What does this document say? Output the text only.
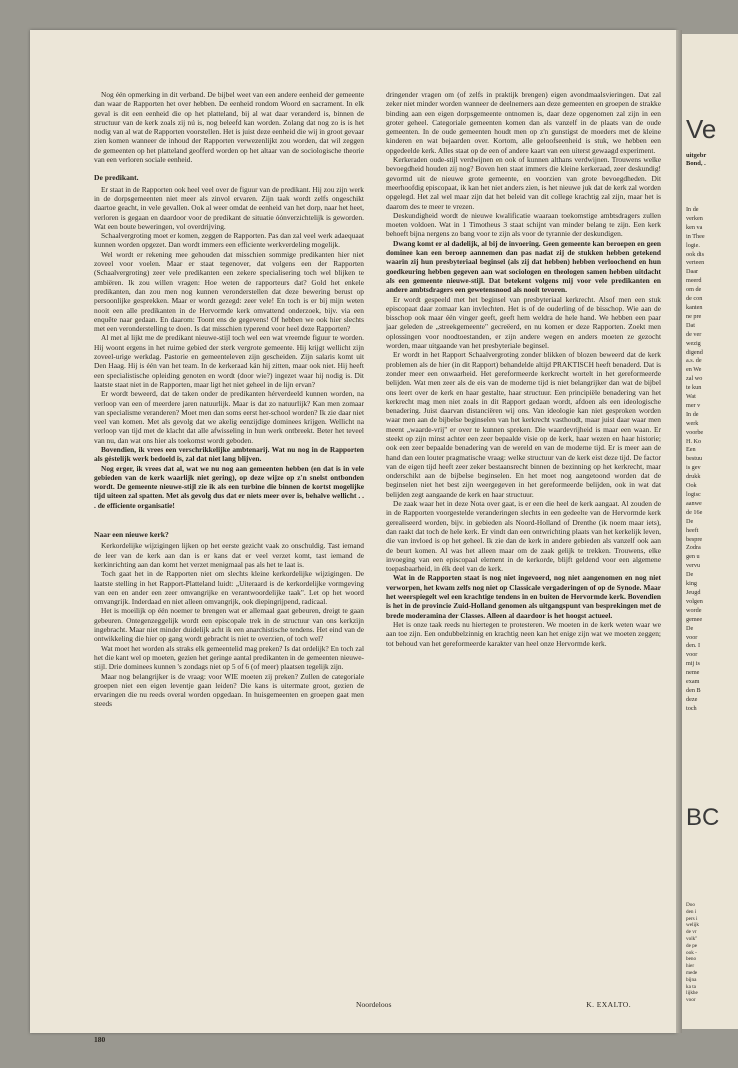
Nog één opmerking in dit verband. De bijbel weet van een andere eenheid der gemeente dan waar de Rapporten het over hebben. De eenheid rondom Woord en sacrament. In elk geval is dit een eenheid die op het platteland, bij al wat daar veranderd is, binnen de structuur van de kerk zoals zij nú is, nog beleefd kan worden. Zolang dat nog zo is is het nodig van al wat de Rapporten voorstellen. Het is juist deze eenheid die wij in groot gevaar zien komen wanneer de inhoud der Rapporten verwezenlijkt zou worden, dat wil zeggen de gemeenten op het platteland geofferd worden op het altaar van de sociologische theorie van een verloren sociale eenheid.

De predikant.

Er staat in de Rapporten ook heel veel over de figuur van de predikant. Hij zou zijn werk in de dorpsgemeenten niet meer als zinvol ervaren. Zijn taak wordt zelfs ongeschikt daartoe geacht, in vele gevallen. Ook al weer omdat de eenheid van het dorp, naar het heet, verloren is gegaan en daardoor voor de predikant de situatie óónverzichtelijk is geworden. Wat een boute beweringen, vol overdrijving.

Schaalvergroting moet er komen, zeggen de Rapporten. Pas dan zal veel werk adaequaat kunnen worden opgezet. Dan wordt immers een efficiente werkverdeling mogelijk.

Wel wordt er rekening mee gehouden dat misschien sommige predikanten hier niet zoveel voor voelen. Maar er staat tegenover, dat volgens een der Rapporten (Schaalvergroting) zeer vele predikanten een zekere specialisering toch wel blijken te ambiëren. Ik zou willen vragen: Hoe weten de rapporteurs dat? Gold het enkele predikanten, dan zou men nog kunnen veronderstellen dat deze bewering berust op persoonlijke gesprekken. Maar er wordt gezegd: zeer vele! En toch is er bij mijn weten nooit een alle predikanten in de Hervormde kerk omvattend onderzoek, bijv. via een enquête naar gedaan. En daarom: Toont ens de gegevens! Of hebben we ook hier slechts met een veronderstelling te doen. Is dat misschien typerend voor heel deze Rapporten?

Al met al lijkt me de predikant nieuwe-stijl toch wel een wat vreemde figuur te worden. Hij woont ergens in het ruime gebied der sterk vergrote gemeente. Hij krijgt wellicht zijn zoveel-urige werkdag. Pastorie en gemeenteleven zijn gescheiden. Zijn salaris komt uit Den Haag. Hij is één van het team. In de kerkeraad kán hij zitten, maar ook niet. Hij heeft een specialistische opleiding genoten en wordt (door wie?) ingezet waar hij nodig is. Dit laatste staat niet in de Rapporten, maar ligt het niet geheel in de lijn ervan?

Er wordt beweerd, dat de taken onder de predikanten hérverdeeld kunnen worden, na verloop van een of meerdere jaren natuurlijk. Maar is dat zo natuurlijk? Kan men zomaar van specialisme veranderen? Moet men dan soms eerst her-school worden? Ik zie daar niet veel van komen. Met als gevolg dat we akelig eenzijdige dominees krijgen. Wellicht na verloop van tijd met de klacht dat alle afwisseling in hun werk ontbreekt. Beter het teveel van nu, dan wat ons hier als toekomst wordt geboden.

Bovendien, ik vrees een verschrikkelijke ambtenarij. Wat nu nog in de Rapporten als géstelijk werk bedoeld is, zal dat niet lang blijven.

Nog erger, ik vrees dat al, wat we nu nog aan gemeenten hebben (en dat is in vele gebieden van de kerk waarlijk niet gering), op deze wijze op z'n snelst ontbonden wordt. De gemeente nieuwe-stijl zie ik als een turbine die binnen de kortst mogelijke tijd uiteen zal spatten. Met als gevolg dus dat er niets meer over is, behalve wellicht . . . de efficiente organisatie!

Naar een nieuwe kerk?

Kerkordelijke wijzigingen lijken op het eerste gezicht vaak zo onschuldig. Tast iemand de leer van de kerk aan dan is er kans dat er veel verzet komt, tast iemand de kerkinrichting aan dan komt het verzet menigmaal pas als het te laat is.

Toch gaat het in de Rapporten niet om slechts kleine kerkordelijke wijzigingen. De laatste stelling in het Rapport-Platteland luidt: „Uiteraard is de kerkordelijke vormgeving van een en ander een zeer omvangrijke en verantwoordelijke taak". Let op het woord omvangrijk. Inderdaad en niet alleen omvangrijk, ook diepingrijpend, radicaal.

Het is moeilijk op één noemer te brengen wat er allemaal gaat gebeuren, dreigt te gaan gebeuren. Ontegenzeggelijk wordt een episcopale trek in de structuur van ons kerkzijn ingebracht. Maar niet minder duidelijk acht ik een anarchistische tendens. Het eind van de ontwikkeling die hier op gang wordt gebracht is niet te overzien, of toch wel?

Wat moet het worden als straks elk gemeentelid mag preken? Is dat ordelijk? En toch zal het die kant wel op moeten, gezien het geringe aantal predikanten in de gemeenten nieuwe-stijl. Drie dominees kunnen 's zondags niet op 5 of 6 (of meer) plaatsen tegelijk zijn.

Maar nog belangrijker is de vraag: voor WIE moeten zij preken? Zullen de categoriale groepen niet een eigen leventje gaan leiden? Die kans is uitermate groot, gezien de ervaringen die nu reeds overal worden opgedaan. In huisgemeenten en groepen gaat men steeds

dringender vragen om (of zelfs in praktijk brengen) eigen avondmaalsvieringen. Dat zal zeker niet minder worden wanneer de deelnemers aan deze gemeenten en groepen de strakke binding aan een eigen dorpsgemeente ontnomen is, daar deze opgenomen zal zijn in een groter geheel. Categoriale gemeenten komen dan als vanzelf in de plaats van de oude gemeenten. In de oude gemeenten houdt men op z'n gunstigst de moeders met de kleine kinderen en wat bejaarden over. Kortom, alle geloofseenheid is stuk, we hebben een opgedeelde kerk. Alles staat op de een of andere kaart van een uiterst gewaagd experiment.

Kerkeraden oude-stijl verdwijnen en ook of kunnen althans verdwijnen. Trouwens welke bevoegdheid houden zij nog? Boven hen staat immers die kleine kerkeraad, zeer deskundig! gevormd uit de nieuwe grote gemeente, en voorzien van grote bevoegdheden. Dit meerhoofdig episcopaat, ik kan het niet anders zien, is het nieuwe juk dat de kerk zal worden opgelegd. Het zal wel maar zijn dat het beleid van dit college krachtig zal zijn, maar het is daarom des te meer te vrezen.

Deskundigheid wordt de nieuwe kwalificatie waaraan toekomstige ambtsdragers zullen moeten voldoen. Wat in 1 Timotheus 3 staat schijnt van minder belang te zijn. Een kerk behoeft bijna nergens zo bang voor te zijn als voor de tyrannie der deskundigen.

Dwang komt er al dadelijk, al bij de invoering. Geen gemeente kan beroepen en geen dominee kan een beroep aannemen dan pas nadat zij de stukken hebben getekend waarin zij hun presbyteriaal beginsel (als zij dat hebben) hebben verloochend en hun goedkeuring hebben gegeven aan wat sociologen en theologen samen hebben uitdacht als een gemeente nieuwe-stijl. Dat betekent volgens mij voor vele predikanten en andere ambtsdragers een gewetensnood als nooit tevoren.

Er wordt gespeeld met het beginsel van presbyteriaal kerkrecht. Alsof men een stuk episcopaat daar zomaar kan invlechten. Het is of de ouderling of de bisschop. Wie aan de bisschop ook maar één vinger geeft, geeft hem weldra de hele hand. We hebben een paar jaar geleden de „streekgemeente" gecreëerd, en nu komen er deze Rapporten. Zoekt men oplossingen voor noodtoestanden, er zijn andere wegen en anders moeten ze gezocht worden, maar uitgaande van het presbyteriale beginsel.

Er wordt in het Rapport Schaalvergroting zonder blikken of blozen beweerd dat de kerk problemen als de hier (in dit Rapport) behandelde altijd PRAKTISCH heeft benaderd. Dat is zonder meer een onwaarheid. Het gereformeerde kerkrecht wortelt in het gereformeerde belijden. Wat men zeer als de eis van de moderne tijd is niet belangrijker dan wat de bijbel ons leert over de kerk en haar gestalte, haar structuur. Een principiële benadering van het kerkrecht mag men niet zoals in dit Rapport gedaan wordt, afdoen als een ideologische benadering. Juist daarvan distanciëren wij ons. Van ideologie kan niet gesproken worden waar men aan de bijbelse beginselen van het kerkrecht vasthoudt, maar juist daar waar men meent „waarde-vrij" er over te kunnen spreken. Die waardevrijheid is maar een waan. Er steekt op zijn minst achter een zeer bepaalde visie op de kerk, haar wezen en haar historie; ook een zeer bepaalde benadering van de wereld en van de moderne tijd. Er is meer aan de hand dan een louter pragmatische vraag: welke structuur van de kerk eist deze tijd. De factor van de eigen tijd heeft zeer zeker bestaansrecht binnen de bezinning op het kerkrecht, maar onderschikt aan de bijbelse beginselen. En het moet nog aangetoond worden dat de beginselen niet het best zijn weergegeven in het gereformeerde belijden, ook in wat dat belijden zegt aangaande de kerk en haar structuur.

De zaak waar het in deze Nota over gaat, is er een die heel de kerk aangaat. Al zouden de in de Rapporten voorgestelde veranderingen slechts in een gedeelte van de Hervormde kerk gerealiseerd worden, bijv. in gebieden als Noord-Holland of Drenthe (ik noem maar iets), dan raakt dat toch de hele kerk. Er vindt dan een ontwrichting plaats van het kerkelijk leven, die van invloed is op het geheel. Ik zie dan de kerk in andere gebieden als vanzelf ook aan de beurt komen. Al was het alleen maar om de zaak gelijk te trekken. Trouwens, elke invoeging van een episcopaal element in de kerkorde, blijft geldend voor een algemene toepasbaarheid, in élk deel van de kerk.

Wat in de Rapporten staat is nog niet ingevoerd, nog niet aangenomen en nog niet verworpen, het kwam zelfs nog niet op Classicale vergaderingen of op de Synode. Maar het weerspiegelt wel een krachtige tendens in en buiten de Hervormde kerk. Bovendien is het in de provincie Zuid-Holland genomen als uitgangspunt van besprekingen met de brede moderamina der Classes. Alleen al daardoor is het hoogst actueel.

Het is onze taak reeds nu hiertegen te protesteren. We moeten in de kerk weten waar we aan toe zijn. Een ondubbelzinnig en krachtig neen kan het enige zijn wat we moeten zeggen; tot behoud van het gereformeerde karakter van heel onze Hervormde kerk.

180
Noordeloos	K. EXALTO.
Ve
uitgebr
Bond, .
In de
verken
ken va
in Thee
logie.
ook dis
verteen
Daar
meerd
om de
de con
kanten
ne pre
Dat
de ver
wezig
digend
a.s. de
en We
zal wo
te kun
Wat
mer v
In de
werk
voorbe
H. Ko
Een
bestuu
is gev
drukk
Ook
logisc
aanwe
de 16e
De
heeft
bespre
Zodra
gen u
vervu
De
king
Jeugd
volgen
worde
gemee
De
voor
den. I
voor
mij is
neme
exam
den B
deze
toch
BC
Doo
den i
pers i
welijk
de vr
volk"
de pe
ook -
beno
hier
mede
bijna
ka ta
lijkhe
voor
